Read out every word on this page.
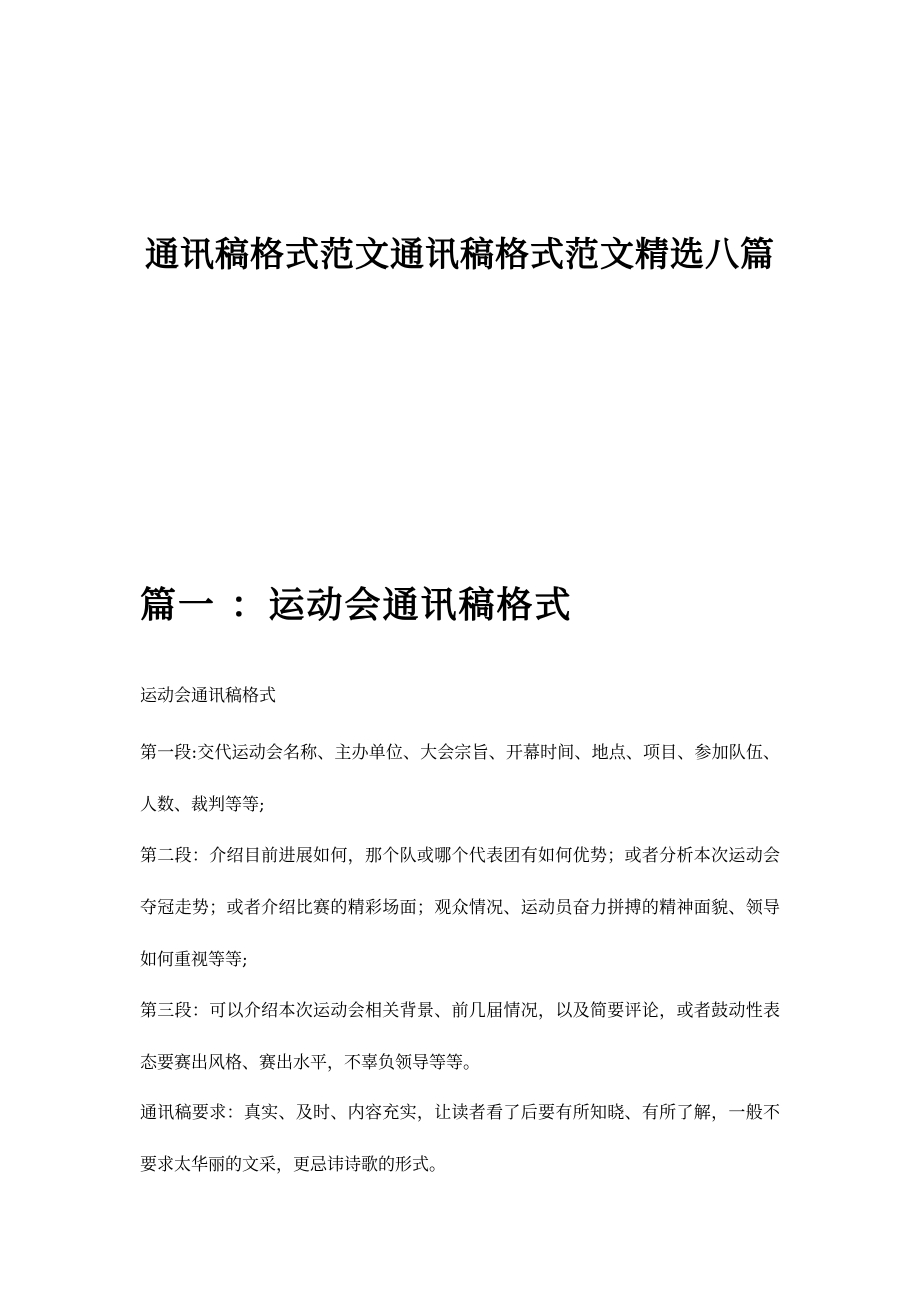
通讯稿格式范文通讯稿格式范文精选八篇
篇一 ：运动会通讯稿格式

运动会通讯稿格式

第一段:交代运动会名称、主办单位、大会宗旨、开幕时间、地点、项目、参加队伍、人数、裁判等等;

第二段：介绍目前进展如何，那个队或哪个代表团有如何优势；或者分析本次运动会夺冠走势；或者介绍比赛的精彩场面；观众情况、运动员奋力拼搏的精神面貌、领导如何重视等等;

第三段：可以介绍本次运动会相关背景、前几届情况，以及简要评论，或者鼓动性表态要赛出风格、赛出水平，不辜负领导等等。

通讯稿要求：真实、及时、内容充实，让读者看了后要有所知晓、有所了解，一般不要求太华丽的文采，更忌讳诗歌的形式。
